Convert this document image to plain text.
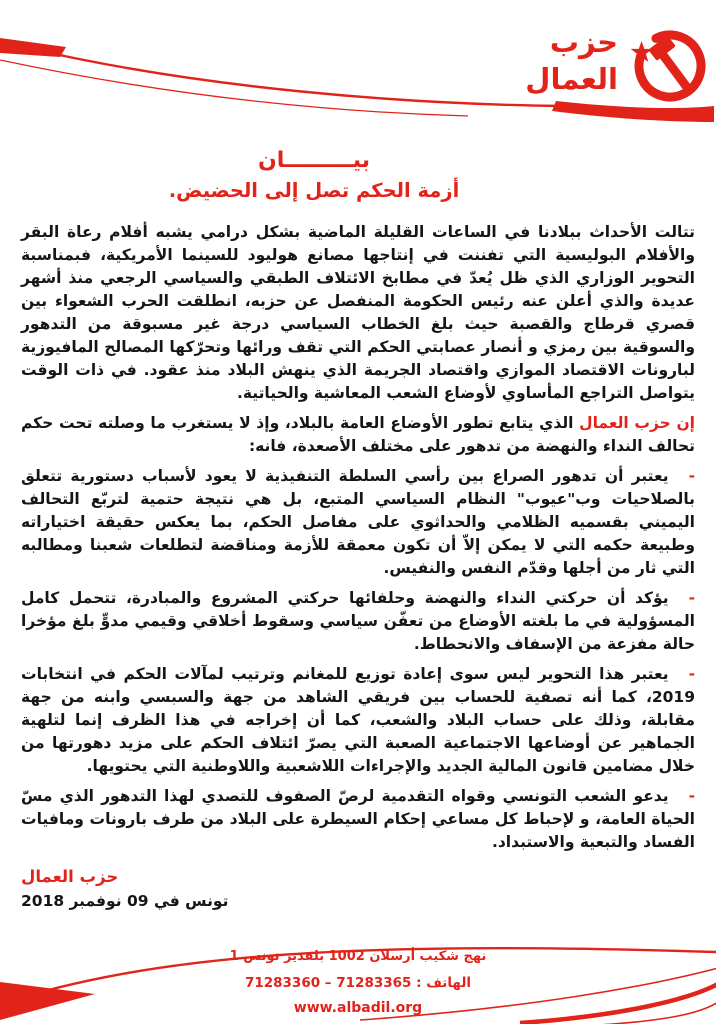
حزب
العمال
بيـــــــــان
أزمة الحكم تصل إلى الحضيض.

تتالت الأحداث ببلادنا في الساعات القليلة الماضية بشكل درامي يشبه أفلام رعاة البقر والأفلام البوليسية التي تفننت في إنتاجها مصانع هوليود للسينما الأمريكية، فبمناسبة التحوير الوزاري الذي ظل يُعدّ في مطابخ الائتلاف الطبقي والسياسي الرجعي منذ أشهر عديدة والذي أعلن عنه رئيس الحكومة المنفصل عن حزبه، انطلقت الحرب الشعواء بين قصري قرطاج والقصبة حيث بلغ الخطاب السياسي درجة غير مسبوقة من التدهور والسوقية بين رمزي و أنصار عصابتي الحكم التي تقف ورائها وتحرّكها المصالح المافيوزية لبارونات الاقتصاد الموازي واقتصاد الجريمة الذي ينهش البلاد منذ عقود. في ذات الوقت يتواصل التراجع المأساوي لأوضاع الشعب المعاشية والحياتية.

إن حزب العمال الذي يتابع تطور الأوضاع العامة بالبلاد، وإذ لا يستغرب ما وصلته تحت حكم تحالف النداء والنهضة من تدهور على مختلف الأصعدة، فانه:

-يعتبر أن تدهور الصراع بين رأسي السلطة التنفيذية لا يعود لأسباب دستورية تتعلق بالصلاحيات وب"عيوب" النظام السياسي المتبع، بل هي نتيجة حتمية لتربّع التحالف اليميني بقسميه الظلامي والحداثوي على مفاصل الحكم، بما يعكس حقيقة اختياراته وطبيعة حكمه التي لا يمكن إلاّ أن تكون معمقة للأزمة ومناقضة لتطلعات شعبنا ومطالبه التي ثار من أجلها وقدّم النفس والنفيس.

-يؤكد أن حركتي النداء والنهضة وحلفائها حركتي المشروع والمبادرة، تتحمل كامل المسؤولية في ما بلغته الأوضاع من تعفّن سياسي وسقوط أخلاقي وقيمي مدوٍّ بلغ مؤخرا حالة مفزعة من الإسفاف والانحطاط.

-يعتبر هذا التحوير ليس سوى إعادة توزيع للمغانم وترتيب لمآلات الحكم في انتخابات 2019، كما أنه تصفية للحساب بين فريقي الشاهد من جهة والسبسي وابنه من جهة مقابلة، وذلك على حساب البلاد والشعب، كما أن إخراجه في هذا الظرف إنما لتلهية الجماهير عن أوضاعها الاجتماعية الصعبة التي يصرّ ائتلاف الحكم على مزيد دهورتها من خلال مضامين قانون المالية الجديد والإجراءات اللاشعبية واللاوطنية التي يحتويها.

-يدعو الشعب التونسي وقواه التقدمية لرصّ الصفوف للتصدي لهذا التدهور الذي مسّ الحياة العامة، و لإحباط كل مساعي إحكام السيطرة على البلاد من طرف بارونات ومافيات الفساد والتبعية والاستبداد.

حزب العمال
تونس في 09 نوفمبر 2018

1 نهج شكيب أرسلان 1002 بلفدير تونس

الهاتف : 71283365 – 71283360

www.albadil.org
